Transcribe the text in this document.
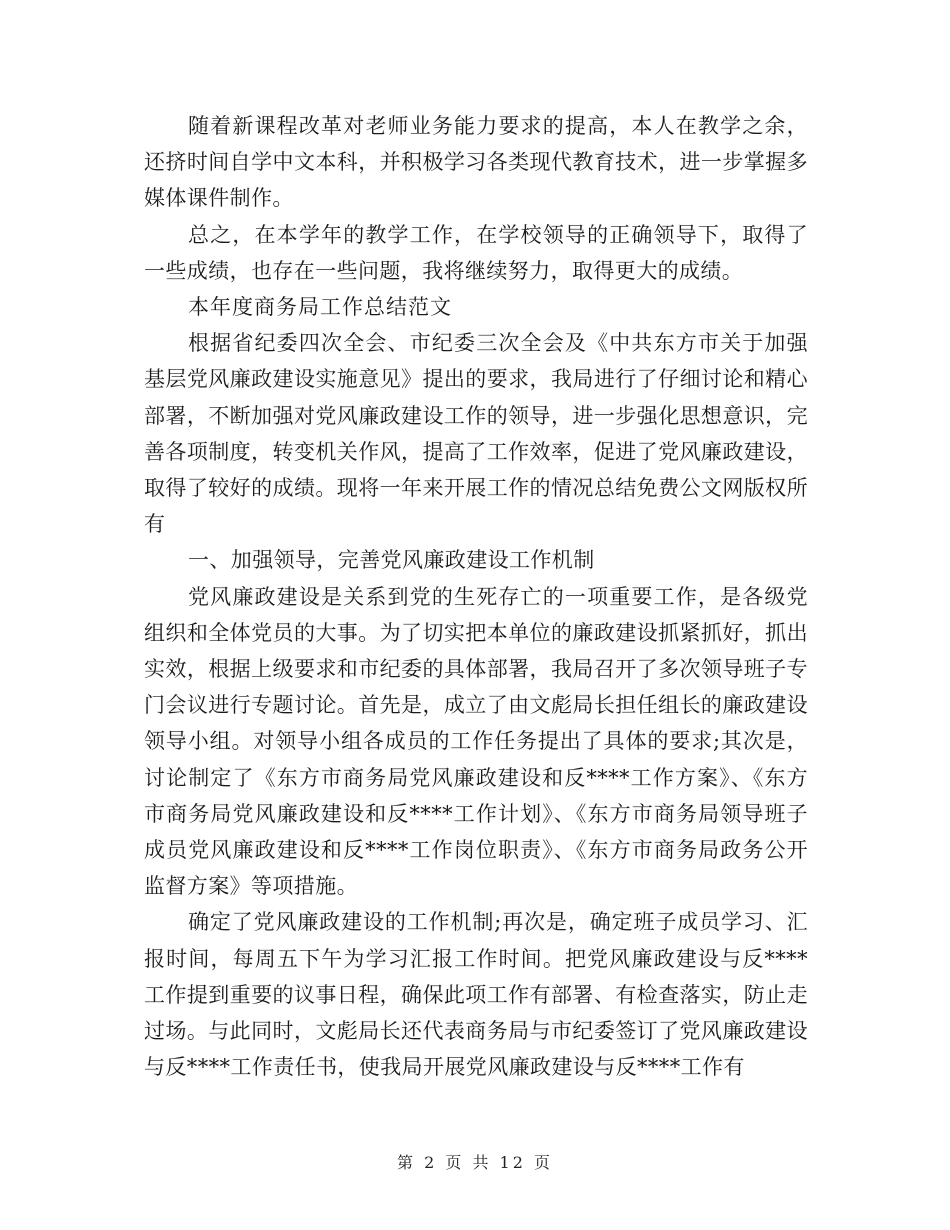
随着新课程改革对老师业务能力要求的提高，本人在教学之余，还挤时间自学中文本科，并积极学习各类现代教育技术，进一步掌握多媒体课件制作。

总之，在本学年的教学工作，在学校领导的正确领导下，取得了一些成绩，也存在一些问题，我将继续努力，取得更大的成绩。

本年度商务局工作总结范文

根据省纪委四次全会、市纪委三次全会及《中共东方市关于加强基层党风廉政建设实施意见》提出的要求，我局进行了仔细讨论和精心部署，不断加强对党风廉政建设工作的领导，进一步强化思想意识，完善各项制度，转变机关作风，提高了工作效率，促进了党风廉政建设，取得了较好的成绩。现将一年来开展工作的情况总结免费公文网版权所有

一、加强领导，完善党风廉政建设工作机制

党风廉政建设是关系到党的生死存亡的一项重要工作，是各级党组织和全体党员的大事。为了切实把本单位的廉政建设抓紧抓好，抓出实效，根据上级要求和市纪委的具体部署，我局召开了多次领导班子专门会议进行专题讨论。首先是，成立了由文彪局长担任组长的廉政建设领导小组。对领导小组各成员的工作任务提出了具体的要求;其次是，讨论制定了《东方市商务局党风廉政建设和反****工作方案》、《东方市商务局党风廉政建设和反****工作计划》、《东方市商务局领导班子成员党风廉政建设和反****工作岗位职责》、《东方市商务局政务公开监督方案》等项措施。

确定了党风廉政建设的工作机制;再次是，确定班子成员学习、汇报时间，每周五下午为学习汇报工作时间。把党风廉政建设与反****工作提到重要的议事日程，确保此项工作有部署、有检查落实，防止走过场。与此同时，文彪局长还代表商务局与市纪委签订了党风廉政建设与反****工作责任书，使我局开展党风廉政建设与反****工作有

第 2 页 共 12 页
